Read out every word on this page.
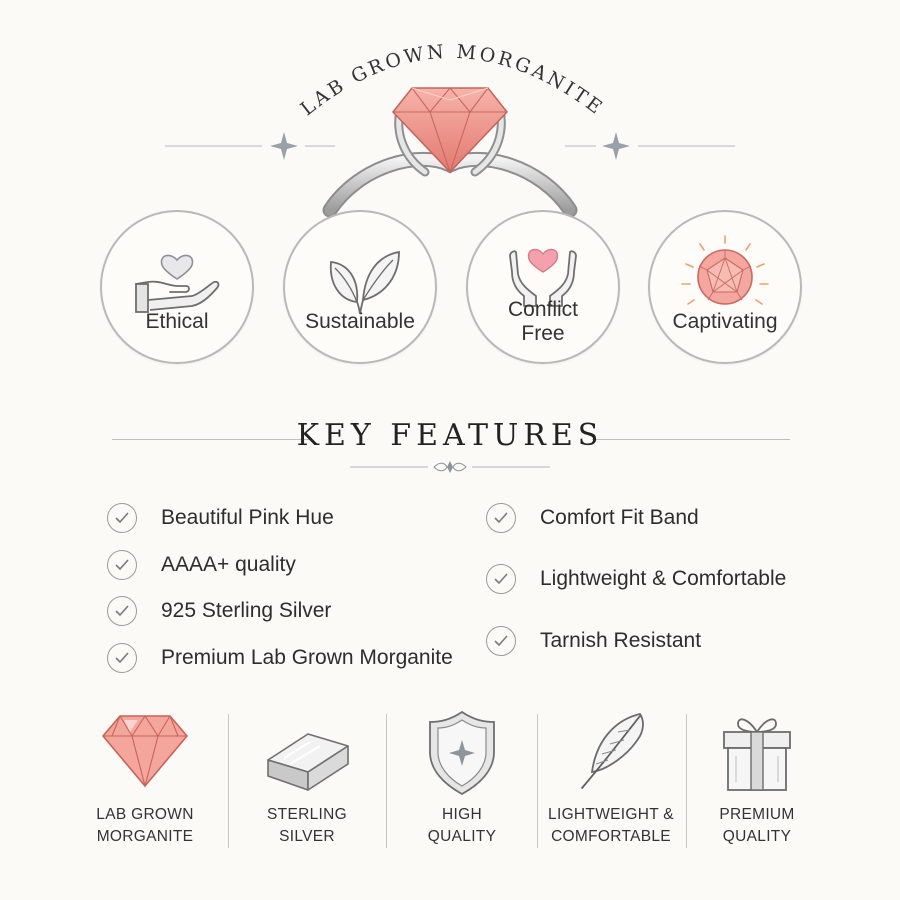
LAB GROWN MORGANITE
Ethical	Sustainable
Conflict Free
Captivating
KEY FEATURES
Beautiful Pink Hue
AAAA+ quality
925 Sterling Silver
Premium Lab Grown Morganite
Comfort Fit Band
Lightweight & Comfortable
Tarnish Resistant
LAB GROWN
MORGANITE
STERLING
SILVER
HIGH
QUALITY
LIGHTWEIGHT &
COMFORTABLE
PREMIUM
QUALITY
